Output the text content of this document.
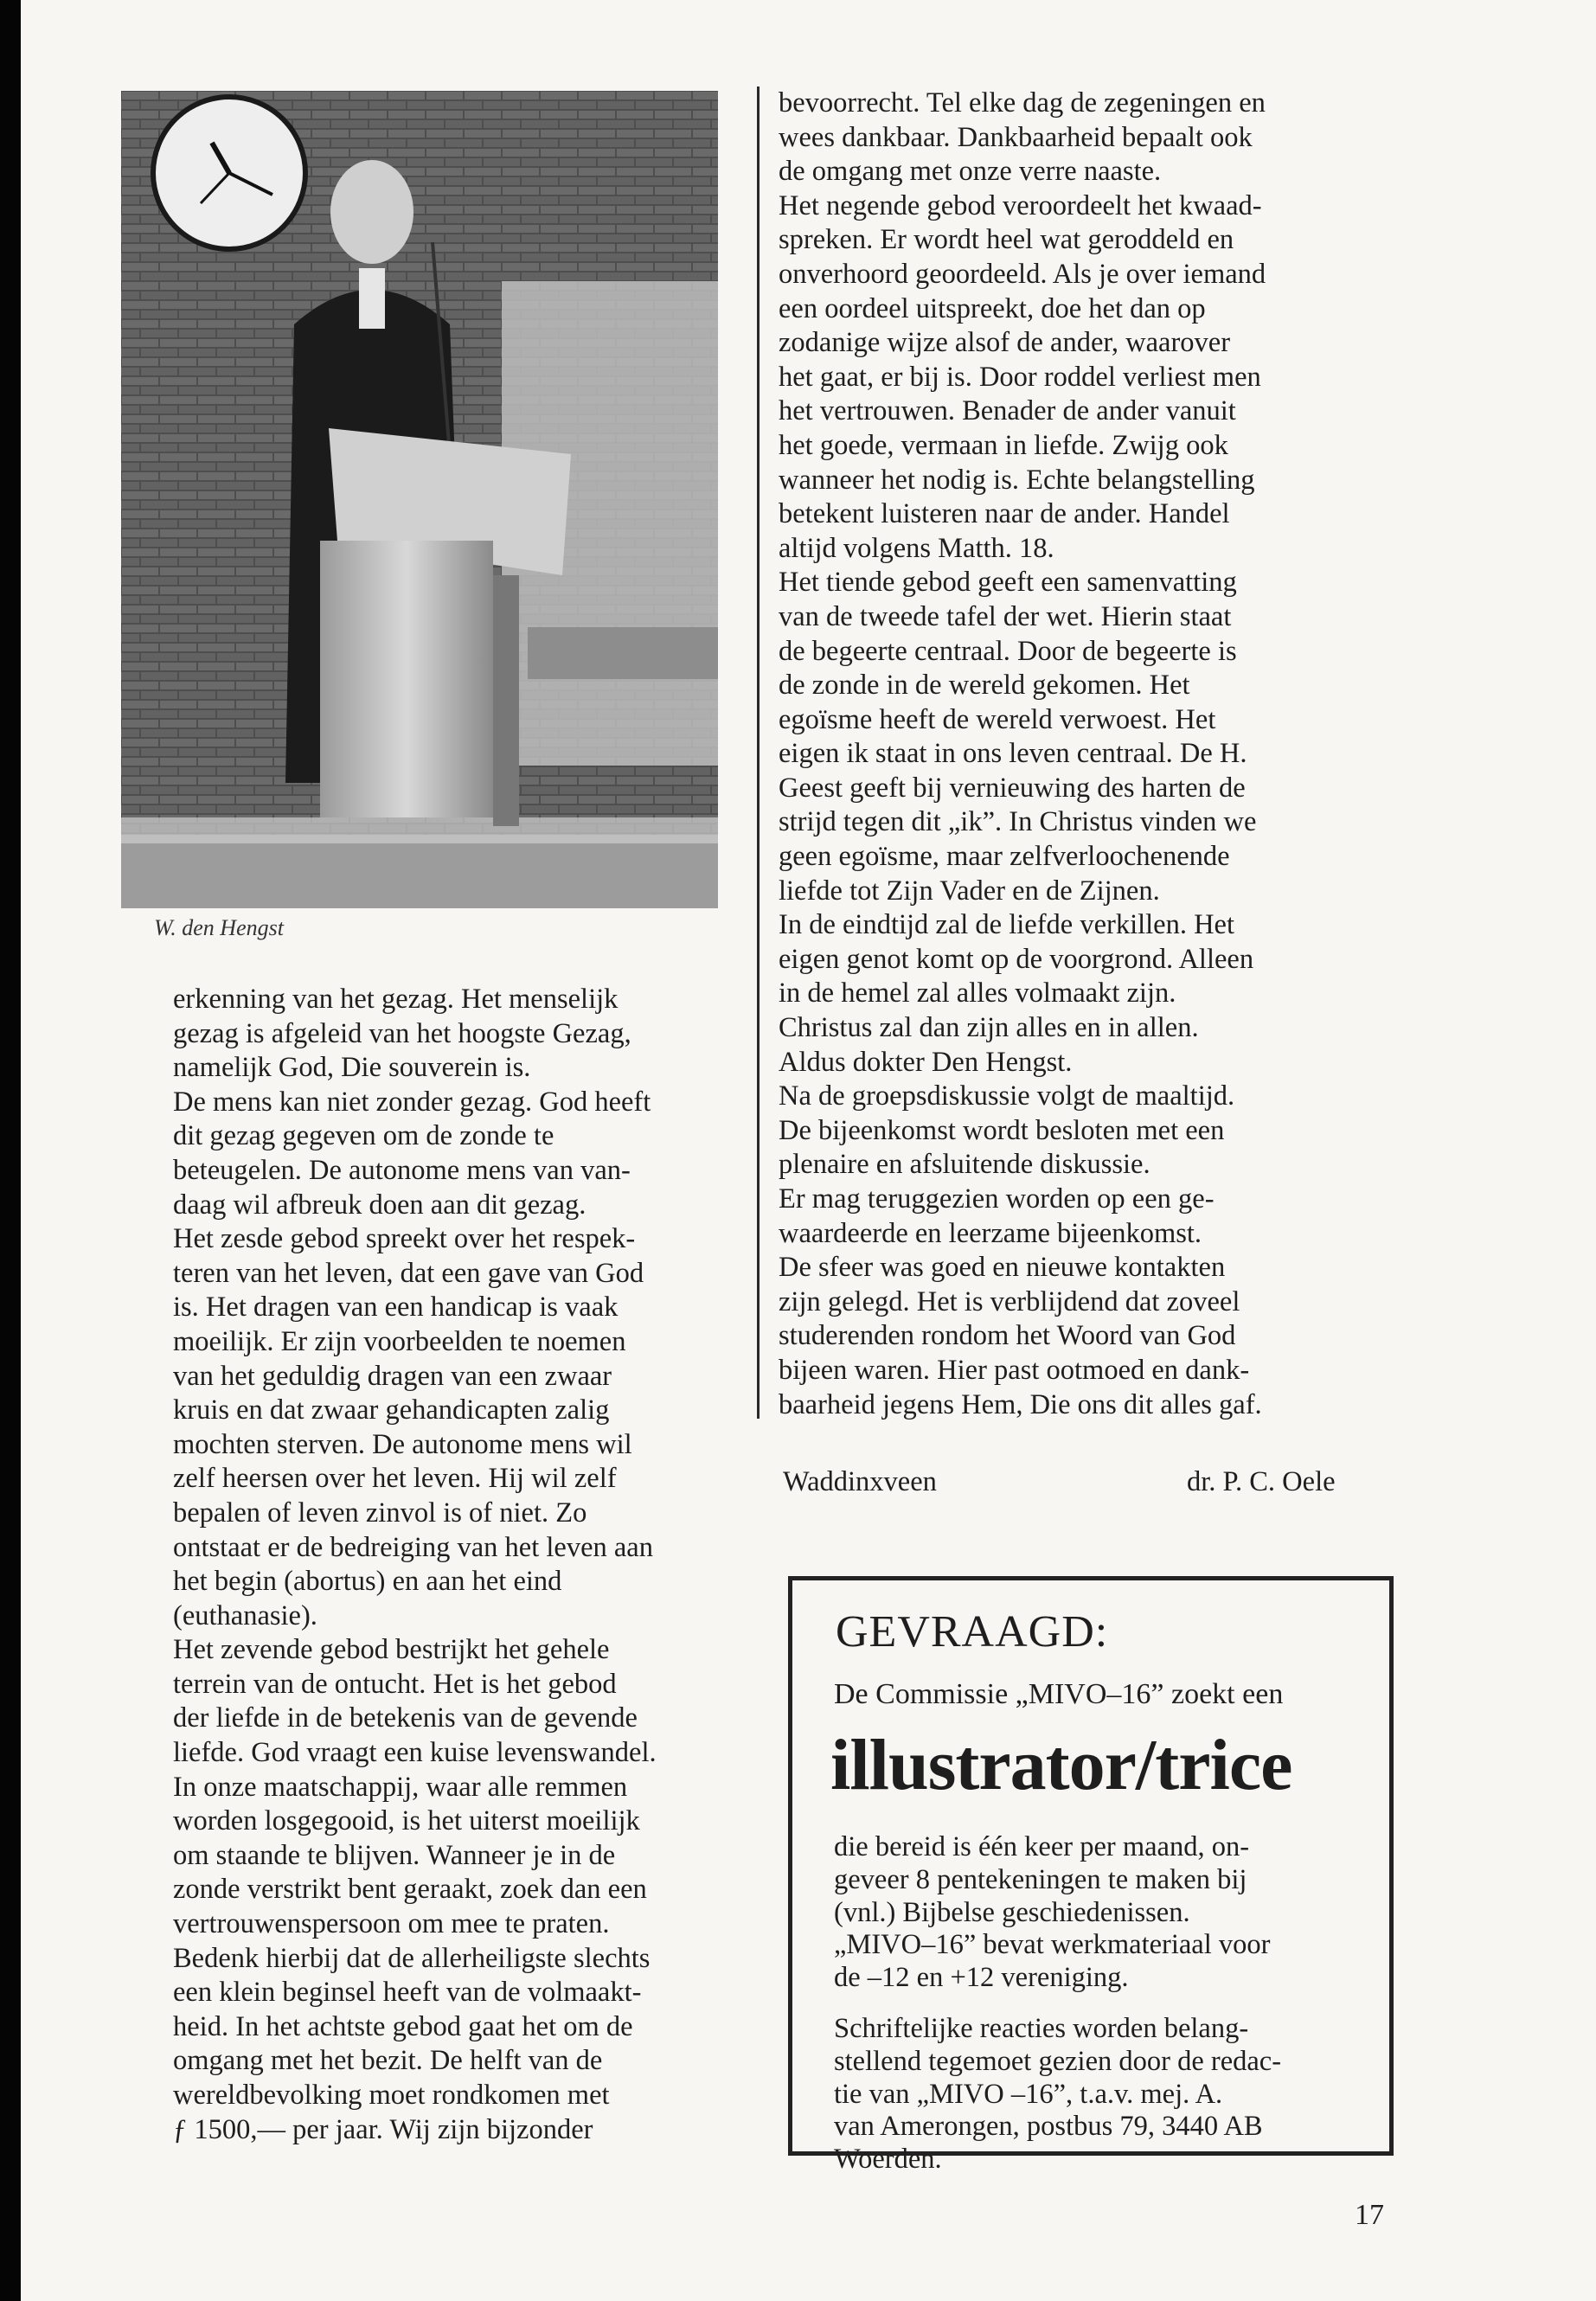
W. den Hengst

erkenning van het gezag. Het menselijk

gezag is afgeleid van het hoogste Gezag,

namelijk God, Die souverein is.

De mens kan niet zonder gezag. God heeft

dit gezag gegeven om de zonde te

beteugelen. De autonome mens van van-

daag wil afbreuk doen aan dit gezag.

Het zesde gebod spreekt over het respek-

teren van het leven, dat een gave van God

is. Het dragen van een handicap is vaak

moeilijk. Er zijn voorbeelden te noemen

van het geduldig dragen van een zwaar

kruis en dat zwaar gehandicapten zalig

mochten sterven. De autonome mens wil

zelf heersen over het leven. Hij wil zelf

bepalen of leven zinvol is of niet. Zo

ontstaat er de bedreiging van het leven aan

het begin (abortus) en aan het eind

(euthanasie).

Het zevende gebod bestrijkt het gehele

terrein van de ontucht. Het is het gebod

der liefde in de betekenis van de gevende

liefde. God vraagt een kuise levenswandel.

In onze maatschappij, waar alle remmen

worden losgegooid, is het uiterst moeilijk

om staande te blijven. Wanneer je in de

zonde verstrikt bent geraakt, zoek dan een

vertrouwenspersoon om mee te praten.

Bedenk hierbij dat de allerheiligste slechts

een klein beginsel heeft van de volmaakt-

heid. In het achtste gebod gaat het om de

omgang met het bezit. De helft van de

wereldbevolking moet rondkomen met

ƒ 1500,— per jaar. Wij zijn bijzonder

bevoorrecht. Tel elke dag de zegeningen en

wees dankbaar. Dankbaarheid bepaalt ook

de omgang met onze verre naaste.

Het negende gebod veroordeelt het kwaad-

spreken. Er wordt heel wat geroddeld en

onverhoord geoordeeld. Als je over iemand

een oordeel uitspreekt, doe het dan op

zodanige wijze alsof de ander, waarover

het gaat, er bij is. Door roddel verliest men

het vertrouwen. Benader de ander vanuit

het goede, vermaan in liefde. Zwijg ook

wanneer het nodig is. Echte belangstelling

betekent luisteren naar de ander. Handel

altijd volgens Matth. 18.

Het tiende gebod geeft een samenvatting

van de tweede tafel der wet. Hierin staat

de begeerte centraal. Door de begeerte is

de zonde in de wereld gekomen. Het

egoïsme heeft de wereld verwoest. Het

eigen ik staat in ons leven centraal. De H.

Geest geeft bij vernieuwing des harten de

strijd tegen dit „ik”. In Christus vinden we

geen egoïsme, maar zelfverloochenende

liefde tot Zijn Vader en de Zijnen.

In de eindtijd zal de liefde verkillen. Het

eigen genot komt op de voorgrond. Alleen

in de hemel zal alles volmaakt zijn.

Christus zal dan zijn alles en in allen.

Aldus dokter Den Hengst.

Na de groepsdiskussie volgt de maaltijd.

De bijeenkomst wordt besloten met een

plenaire en afsluitende diskussie.

Er mag teruggezien worden op een ge-

waardeerde en leerzame bijeenkomst.

De sfeer was goed en nieuwe kontakten

zijn gelegd. Het is verblijdend dat zoveel

studerenden rondom het Woord van God

bijeen waren. Hier past ootmoed en dank-

baarheid jegens Hem, Die ons dit alles gaf.

Waddinxveen	dr. P. C. Oele
GEVRAAGD:
De Commissie „MIVO–16” zoekt een
illustrator/trice

die bereid is één keer per maand, on-

geveer 8 pentekeningen te maken bij

(vnl.) Bijbelse geschiedenissen.

„MIVO–16” bevat werkmateriaal voor

de –12 en +12 vereniging.

Schriftelijke reacties worden belang-

stellend tegemoet gezien door de redac-

tie van „MIVO –16”, t.a.v. mej. A.

van Amerongen, postbus 79, 3440 AB

Woerden.

17
